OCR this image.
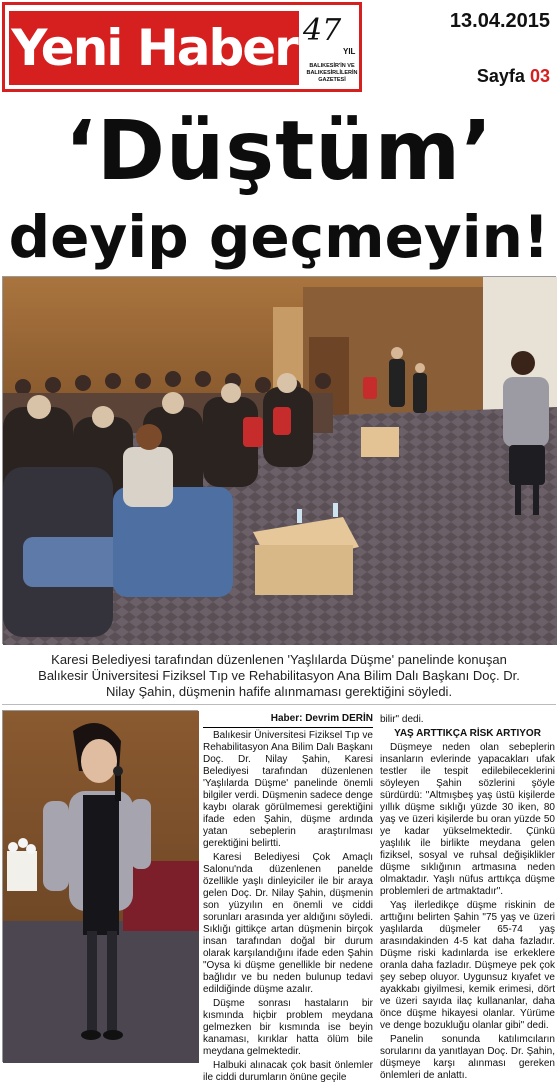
Yeni Haber 47
YIL
BALIKESİR'İN VE BALIKESİRLİLERİN GAZETESİ
13.04.2015
Sayfa 03
‘Düştüm’
deyip geçmeyin!
Karesi Belediyesi tarafından düzenlenen 'Yaşlılarda Düşme' panelinde konuşan Balıkesir Üniversitesi Fiziksel Tıp ve Rehabilitasyon Ana Bilim Dalı Başkanı Doç. Dr. Nilay Şahin, düşmenin hafife alınmaması gerektiğini söyledi.
Haber: Devrim DERİN

Balıkesir Üniversitesi Fiziksel Tıp ve Rehabilitasyon Ana Bilim Dalı Başkanı Doç. Dr. Nilay Şahin, Karesi Belediyesi tarafından düzenlenen 'Yaşlılarda Düşme' panelinde önemli bilgiler verdi. Düşmenin sadece denge kaybı olarak görülmemesi gerektiğini ifade eden Şahin, düşme ardında yatan sebeplerin araştırılması gerektiğini belirtti.

Karesi Belediyesi Çok Amaçlı Salonu'nda düzenlenen panelde özellikle yaşlı dinleyiciler ile bir araya gelen Doç. Dr. Nilay Şahin, düşmenin son yüzyılın en önemli ve ciddi sorunları arasında yer aldığını söyledi. Sıklığı gittikçe artan düşmenin birçok insan tarafından doğal bir durum olarak karşılandığını ifade eden Şahin "Oysa ki düşme genellikle bir nedene bağlıdır ve bu neden bulunup tedavi edildiğinde düşme azalır.

Düşme sonrası hastaların bir kısmında hiçbir problem meydana gelmezken bir kısmında ise beyin kanaması, kırıklar hatta ölüm bile meydana gelmektedir.

Halbuki alınacak çok basit önlemler ile ciddi durumların önüne geçile

bilir" dedi.

YAŞ ARTTIKÇA RİSK ARTIYOR

Düşmeye neden olan sebeplerin insanların evlerinde yapacakları ufak testler ile tespit edilebileceklerini söyleyen Şahin sözlerini şöyle sürdürdü: "Altmışbeş yaş üstü kişilerde yıllık düşme sıklığı yüzde 30 iken, 80 yaş ve üzeri kişilerde bu oran yüzde 50 ye kadar yükselmektedir. Çünkü yaşlılık ile birlikte meydana gelen fiziksel, sosyal ve ruhsal değişiklikler düşme sıklığının artmasına neden olmaktadır. Yaşlı nüfus arttıkça düşme problemleri de artmaktadır".

Yaş ilerledikçe düşme riskinin de arttığını belirten Şahin "75 yaş ve üzeri yaşlılarda düşmeler 65-74 yaş arasındakinden 4-5 kat daha fazladır. Düşme riski kadınlarda ise erkeklere oranla daha fazladır. Düşmeye pek çok şey sebep oluyor. Uygunsuz kıyafet ve ayakkabı giyilmesi, kemik erimesi, dört ve üzeri sayıda ilaç kullananlar, daha önce düşme hikayesi olanlar. Yürüme ve denge bozukluğu olanlar gibi" dedi.

Panelin sonunda katılımcıların sorularını da yanıtlayan Doç. Dr. Şahin, düşmeye karşı alınması gereken önlemleri de anlattı.
